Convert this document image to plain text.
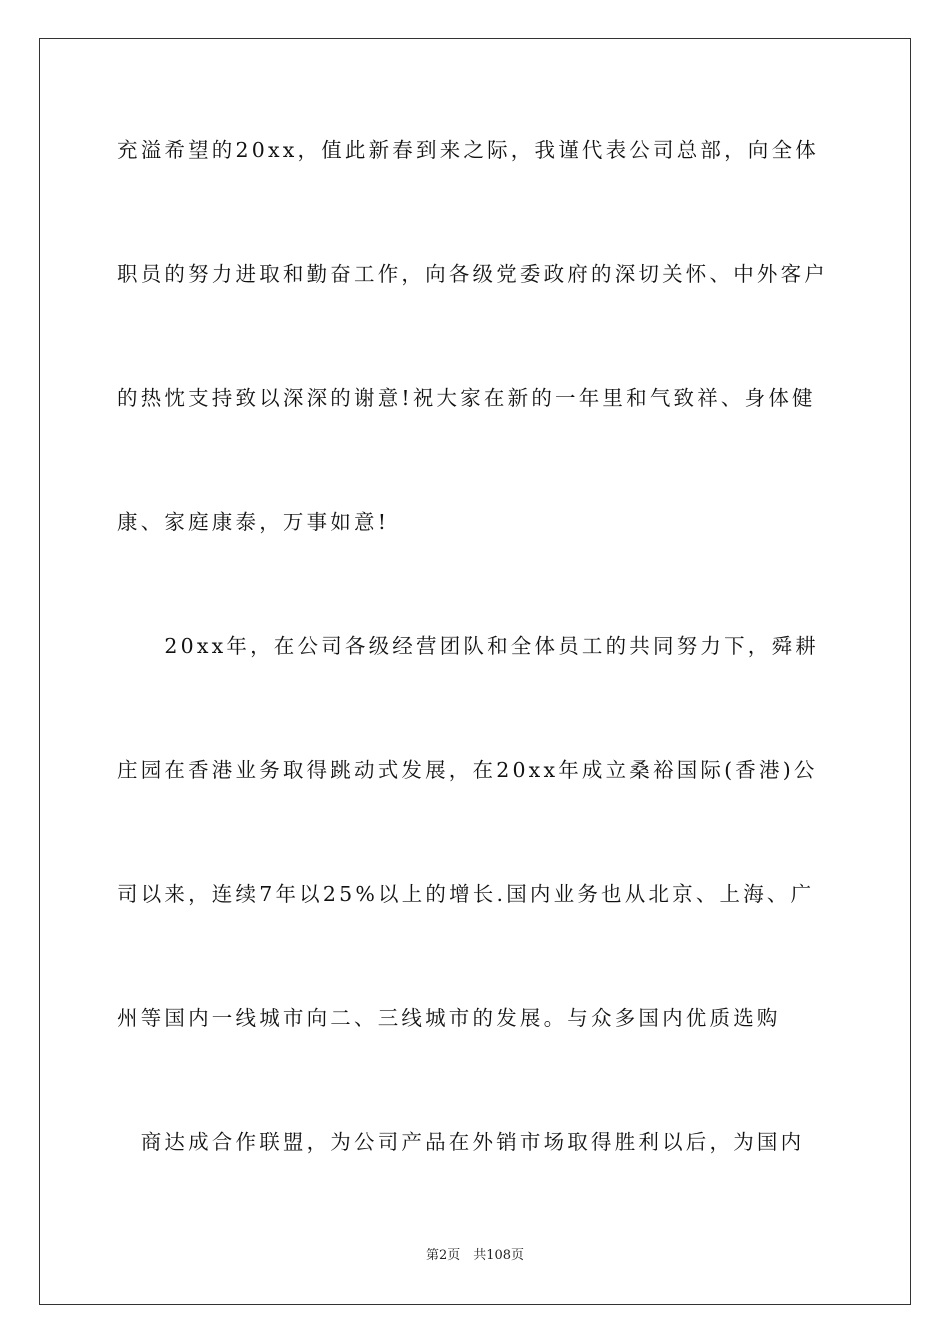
充溢希望的20xx，值此新春到来之际，我谨代表公司总部，向全体
职员的努力进取和勤奋工作，向各级党委政府的深切关怀、中外客户
的热忱支持致以深深的谢意!祝大家在新的一年里和气致祥、身体健
康、家庭康泰，万事如意!
　　20xx年，在公司各级经营团队和全体员工的共同努力下，舜耕
庄园在香港业务取得跳动式发展，在20xx年成立桑裕国际(香港)公
司以来，连续7年以25%以上的增长.国内业务也从北京、上海、广
州等国内一线城市向二、三线城市的发展。与众多国内优质选购
　商达成合作联盟，为公司产品在外销市场取得胜利以后，为国内
第2页　共108页
